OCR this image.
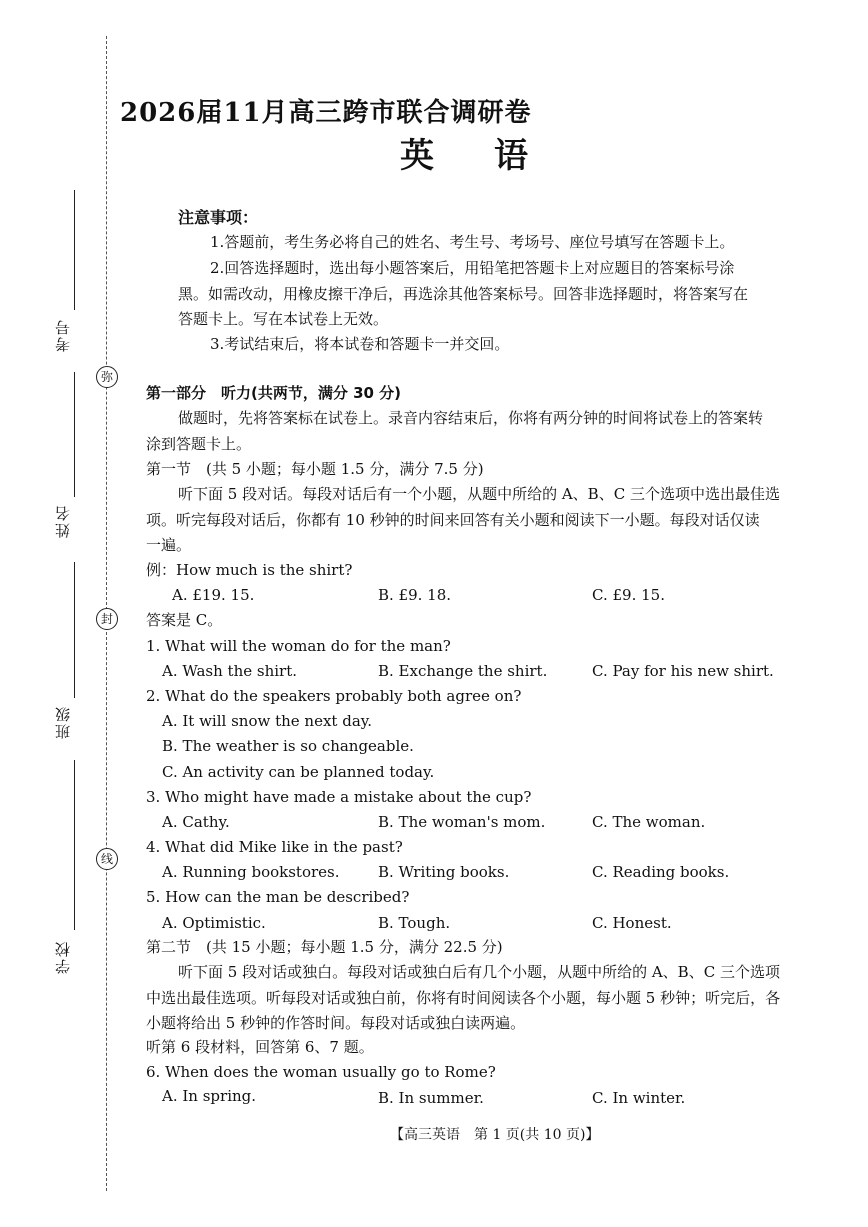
弥
封
线
考号
姓名
班级
学校
2026届11月高三跨市联合调研卷
英语
注意事项：
1.答题前，考生务必将自己的姓名、考生号、考场号、座位号填写在答题卡上。
2.回答选择题时，选出每小题答案后，用铅笔把答题卡上对应题目的答案标号涂
黑。如需改动，用橡皮擦干净后，再选涂其他答案标号。回答非选择题时，将答案写在
答题卡上。写在本试卷上无效。
3.考试结束后，将本试卷和答题卡一并交回。
第一部分　听力(共两节，满分 30 分)
做题时，先将答案标在试卷上。录音内容结束后，你将有两分钟的时间将试卷上的答案转
涂到答题卡上。
第一节　(共 5 小题；每小题 1.5 分，满分 7.5 分)
听下面 5 段对话。每段对话后有一个小题，从题中所给的 A、B、C 三个选项中选出最佳选
项。听完每段对话后，你都有 10 秒钟的时间来回答有关小题和阅读下一小题。每段对话仅读
一遍。
例：How much is the shirt?
A. £19. 15.	B. £9. 18.	C. £9. 15.
答案是 C。
1. What will the woman do for the man?
A. Wash the shirt.	B. Exchange the shirt.	C. Pay for his new shirt.
2. What do the speakers probably both agree on?
A. It will snow the next day.
B. The weather is so changeable.
C. An activity can be planned today.
3. Who might have made a mistake about the cup?
A. Cathy.	B. The woman's mom.	C. The woman.
4. What did Mike like in the past?
A. Running bookstores.	B. Writing books.	C. Reading books.
5. How can the man be described?
A. Optimistic.	B. Tough.	C. Honest.
第二节　(共 15 小题；每小题 1.5 分，满分 22.5 分)
听下面 5 段对话或独白。每段对话或独白后有几个小题，从题中所给的 A、B、C 三个选项
中选出最佳选项。听每段对话或独白前，你将有时间阅读各个小题，每小题 5 秒钟；听完后，各
小题将给出 5 秒钟的作答时间。每段对话或独白读两遍。
听第 6 段材料，回答第 6、7 题。
6. When does the woman usually go to Rome?
A. In spring.	B. In summer.	C. In winter.
【高三英语　第 1 页(共 10 页)】
